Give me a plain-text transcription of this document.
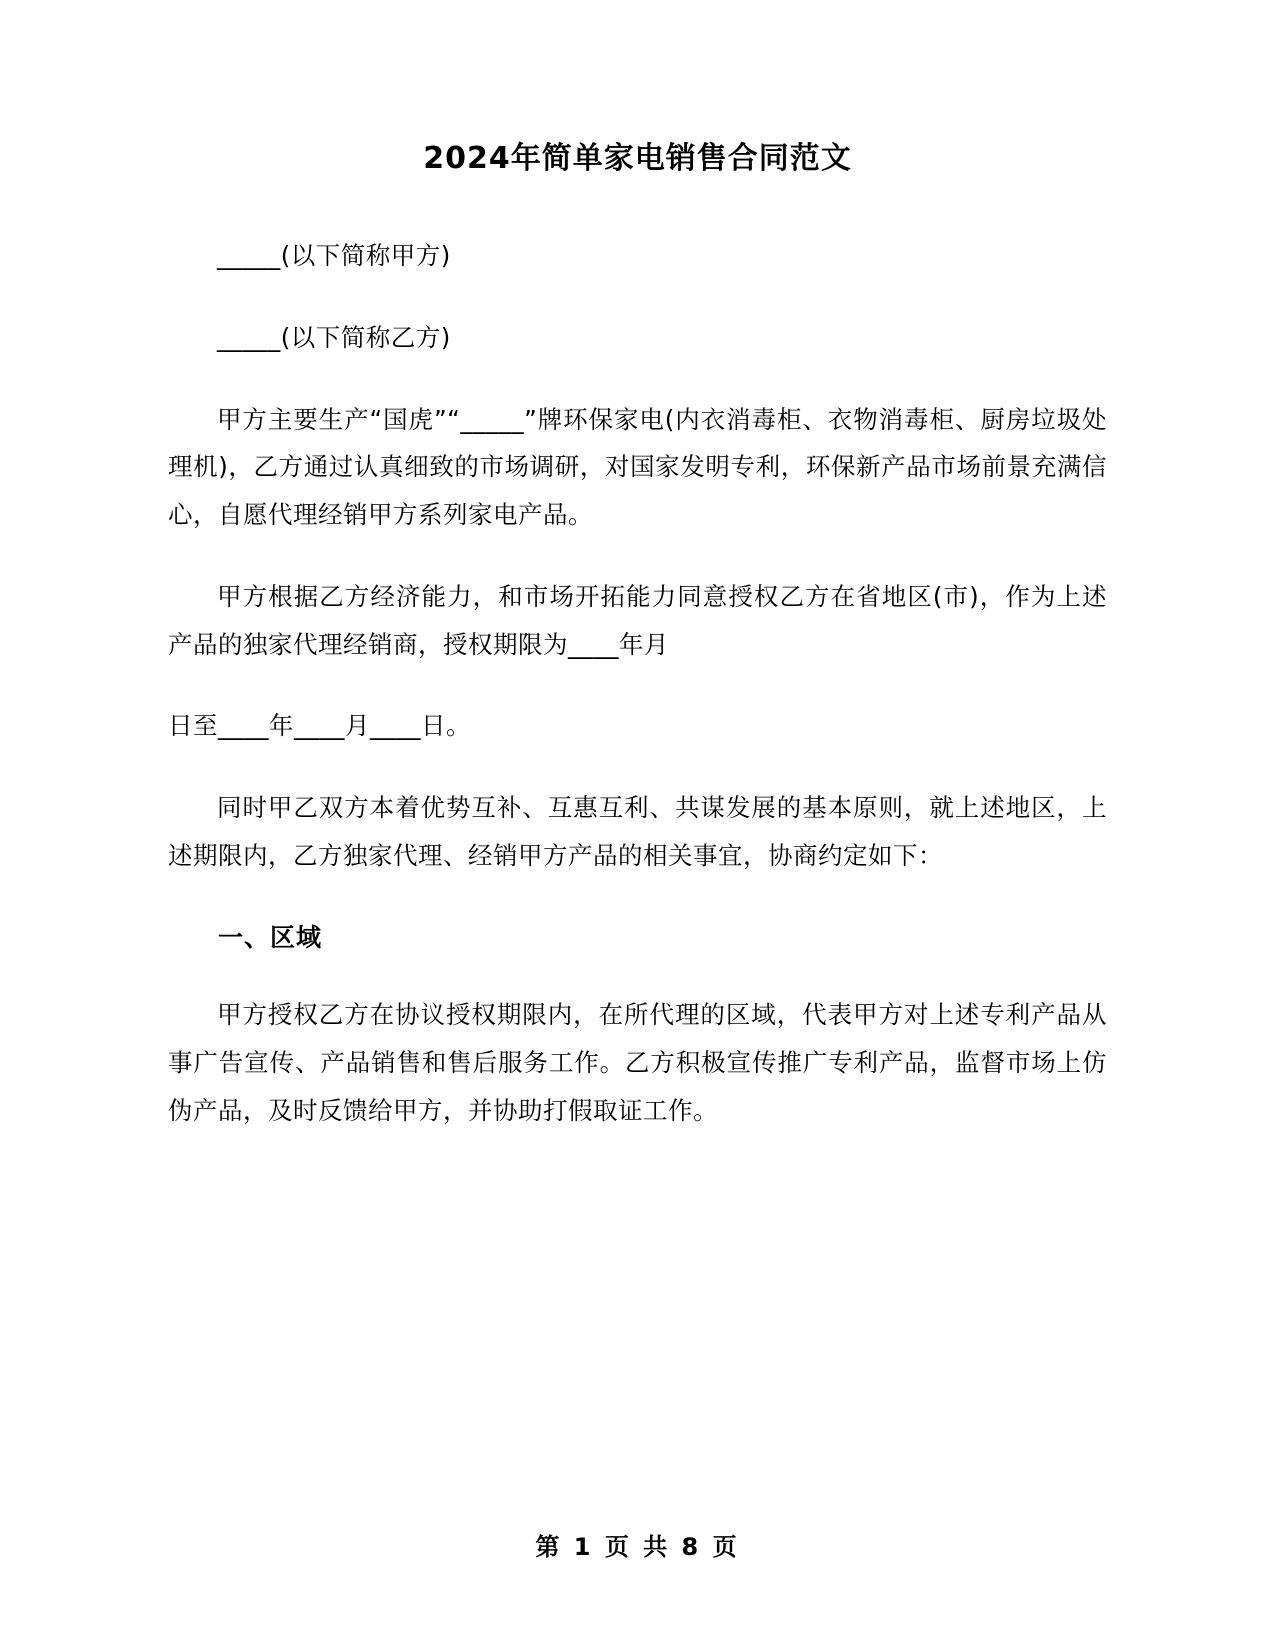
2024年简单家电销售合同范文

_____(以下简称甲方)

_____(以下简称乙方)

甲方主要生产“国虎”“_____”牌环保家电(内衣消毒柜、衣物消毒柜、厨房垃圾处理机)，乙方通过认真细致的市场调研，对国家发明专利，环保新产品市场前景充满信心，自愿代理经销甲方系列家电产品。

甲方根据乙方经济能力，和市场开拓能力同意授权乙方在省地区(市)，作为上述产品的独家代理经销商，授权期限为____年月

日至____年____月____日。

同时甲乙双方本着优势互补、互惠互利、共谋发展的基本原则，就上述地区，上述期限内，乙方独家代理、经销甲方产品的相关事宜，协商约定如下：

一、区域

甲方授权乙方在协议授权期限内，在所代理的区域，代表甲方对上述专利产品从事广告宣传、产品销售和售后服务工作。乙方积极宣传推广专利产品，监督市场上仿伪产品，及时反馈给甲方，并协助打假取证工作。

第 1 页 共 8 页
